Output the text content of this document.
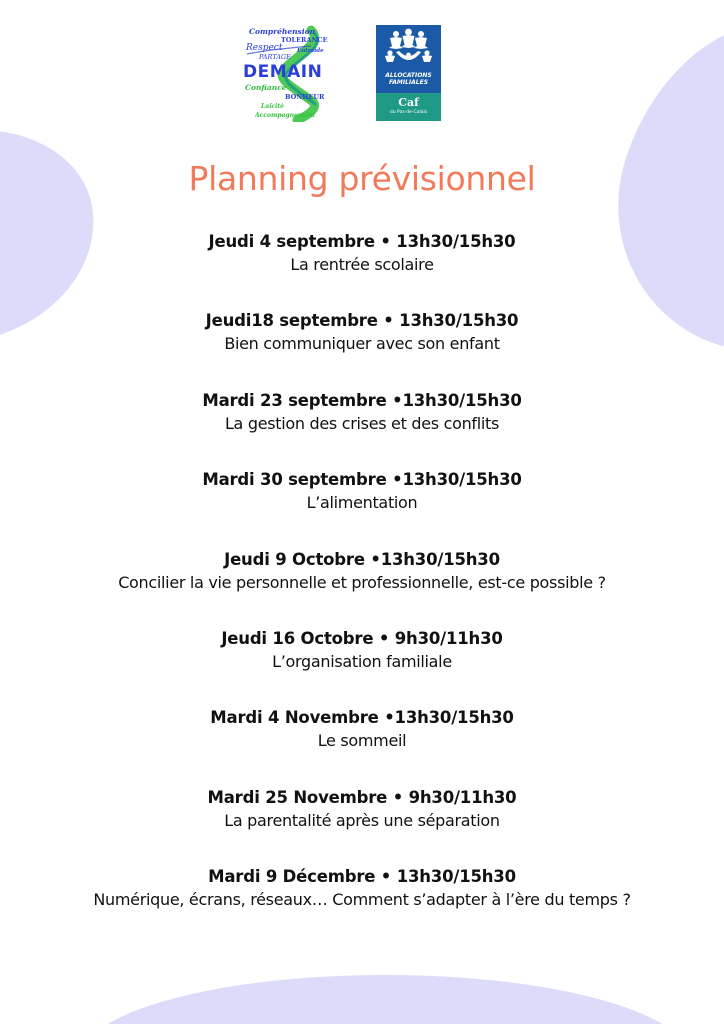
Compréhension
TOLERANCE
Respect	Entraide
PARTAGE
DEMAIN
Confiance
BONHEUR
Laïcité
Accompagnement
ALLOCATIONS
FAMILIALES
Caf
du Pas-de-Calais
Planning prévisionnel
Jeudi 4 septembre • 13h30/15h30
La rentrée scolaire
Jeudi18 septembre • 13h30/15h30
Bien communiquer avec son enfant
Mardi 23 septembre •13h30/15h30
La gestion des crises et des conflits
Mardi 30 septembre •13h30/15h30
L’alimentation
Jeudi 9 Octobre •13h30/15h30
Concilier la vie personnelle et professionnelle, est-ce possible ?
Jeudi 16 Octobre • 9h30/11h30
L’organisation familiale
Mardi 4 Novembre •13h30/15h30
Le sommeil
Mardi 25 Novembre • 9h30/11h30
La parentalité après une séparation
Mardi 9 Décembre • 13h30/15h30
Numérique, écrans, réseaux… Comment s’adapter à l’ère du temps ?
